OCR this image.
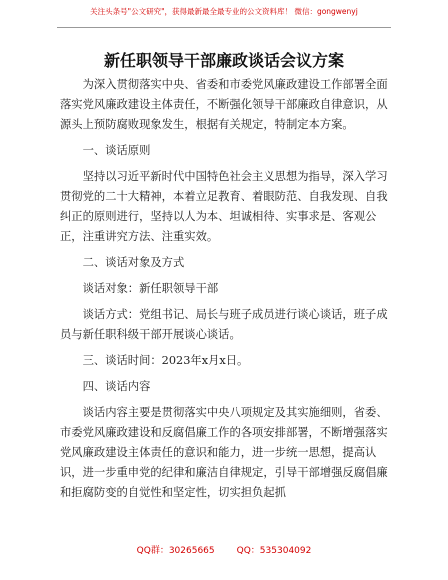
关注头条号"公文研究"，获得最新最全最专业的公文资料库！ 微信：gongwenyj
新任职领导干部廉政谈话会议方案

为深入贯彻落实中央、省委和市委党风廉政建设工作部署全面落实党风廉政建设主体责任，不断强化领导干部廉政自律意识，从源头上预防腐败现象发生，根据有关规定，特制定本方案。

一、谈话原则

坚持以习近平新时代中国特色社会主义思想为指导，深入学习贯彻党的二十大精神，本着立足教育、着眼防范、自我发现、自我纠正的原则进行，坚持以人为本、坦诚相待、实事求是、客观公正，注重讲究方法、注重实效。

二、谈话对象及方式

谈话对象：新任职领导干部

谈话方式：党组书记、局长与班子成员进行谈心谈话，班子成员与新任职科级干部开展谈心谈话。

三、谈话时间：2023年x月x日。

四、谈话内容

谈话内容主要是贯彻落实中央八项规定及其实施细则，省委、市委党风廉政建设和反腐倡廉工作的各项安排部署，不断增强落实党风廉政建设主体责任的意识和能力，进一步统一思想，提高认识，进一步重申党的纪律和廉洁自律规定，引导干部增强反腐倡廉和拒腐防变的自觉性和坚定性，切实担负起抓

QQ群：30265665 QQ：535304092
